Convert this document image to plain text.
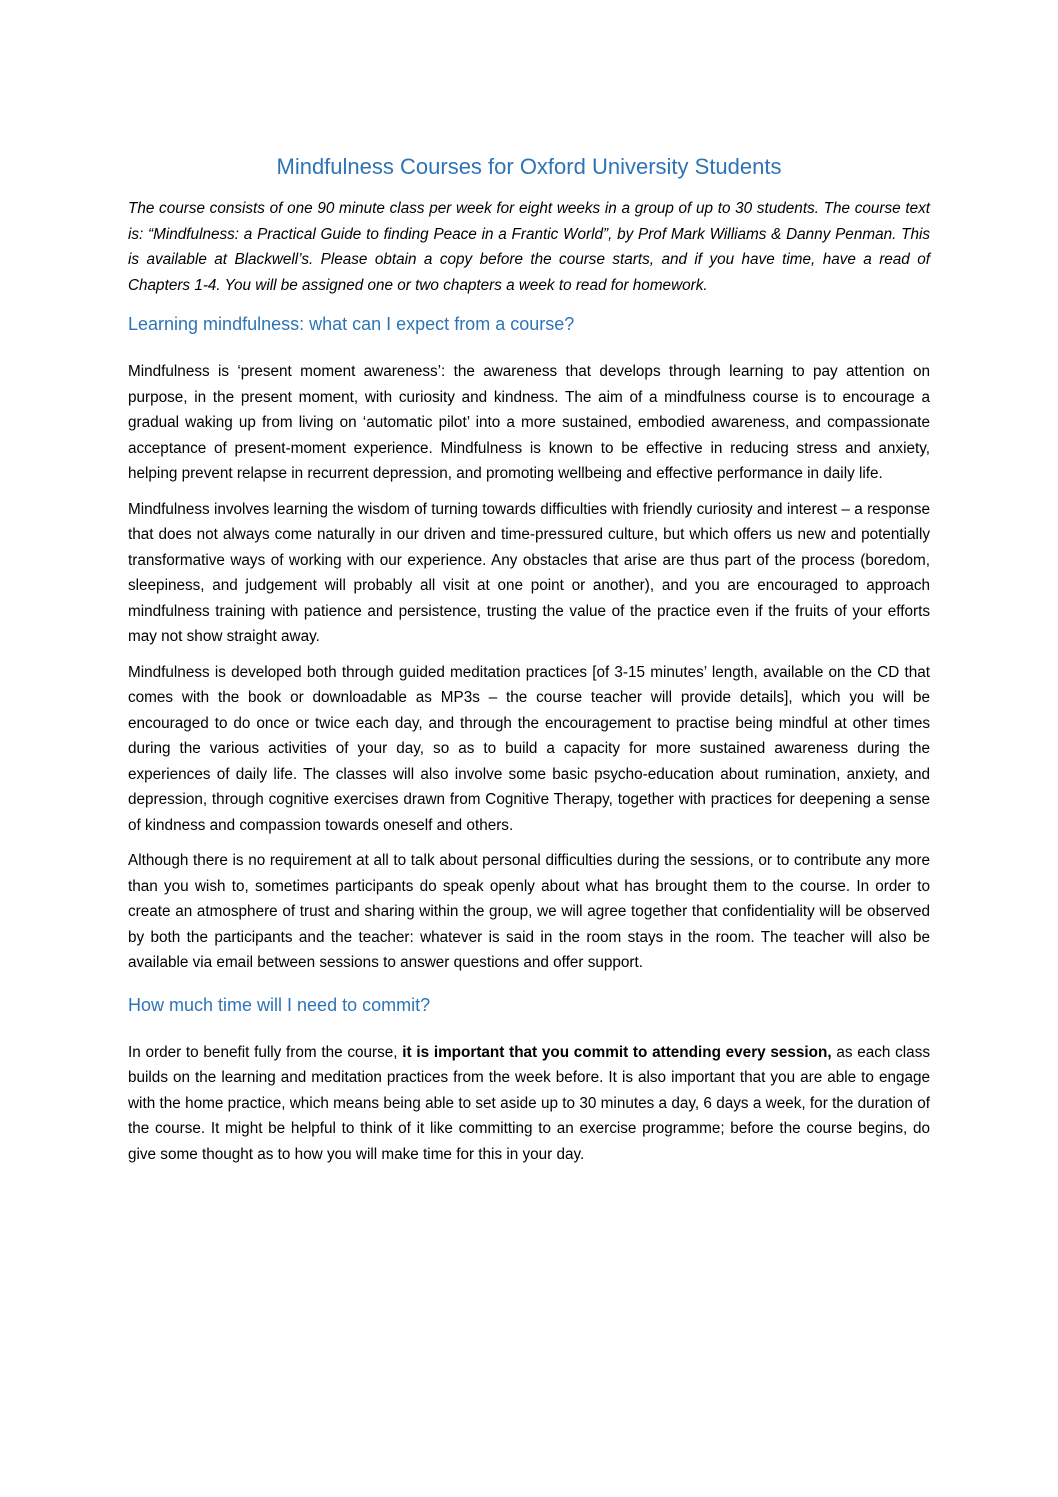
Mindfulness Courses for Oxford University Students

The course consists of one 90 minute class per week for eight weeks in a group of up to 30 students. The course text is: “Mindfulness: a Practical Guide to finding Peace in a Frantic World”, by Prof Mark Williams & Danny Penman. This is available at Blackwell’s. Please obtain a copy before the course starts, and if you have time, have a read of Chapters 1-4. You will be assigned one or two chapters a week to read for homework.

Learning mindfulness: what can I expect from a course?

Mindfulness is ‘present moment awareness’: the awareness that develops through learning to pay attention on purpose, in the present moment, with curiosity and kindness. The aim of a mindfulness course is to encourage a gradual waking up from living on ‘automatic pilot’ into a more sustained, embodied awareness, and compassionate acceptance of present-moment experience. Mindfulness is known to be effective in reducing stress and anxiety, helping prevent relapse in recurrent depression, and promoting wellbeing and effective performance in daily life.

Mindfulness involves learning the wisdom of turning towards difficulties with friendly curiosity and interest – a response that does not always come naturally in our driven and time-pressured culture, but which offers us new and potentially transformative ways of working with our experience. Any obstacles that arise are thus part of the process (boredom, sleepiness, and judgement will probably all visit at one point or another), and you are encouraged to approach mindfulness training with patience and persistence, trusting the value of the practice even if the fruits of your efforts may not show straight away.

Mindfulness is developed both through guided meditation practices [of 3-15 minutes’ length, available on the CD that comes with the book or downloadable as MP3s – the course teacher will provide details], which you will be encouraged to do once or twice each day, and through the encouragement to practise being mindful at other times during the various activities of your day, so as to build a capacity for more sustained awareness during the experiences of daily life. The classes will also involve some basic psycho-education about rumination, anxiety, and depression, through cognitive exercises drawn from Cognitive Therapy, together with practices for deepening a sense of kindness and compassion towards oneself and others.

Although there is no requirement at all to talk about personal difficulties during the sessions, or to contribute any more than you wish to, sometimes participants do speak openly about what has brought them to the course. In order to create an atmosphere of trust and sharing within the group, we will agree together that confidentiality will be observed by both the participants and the teacher: whatever is said in the room stays in the room. The teacher will also be available via email between sessions to answer questions and offer support.

How much time will I need to commit?

In order to benefit fully from the course, it is important that you commit to attending every session, as each class builds on the learning and meditation practices from the week before. It is also important that you are able to engage with the home practice, which means being able to set aside up to 30 minutes a day, 6 days a week, for the duration of the course. It might be helpful to think of it like committing to an exercise programme; before the course begins, do give some thought as to how you will make time for this in your day.
